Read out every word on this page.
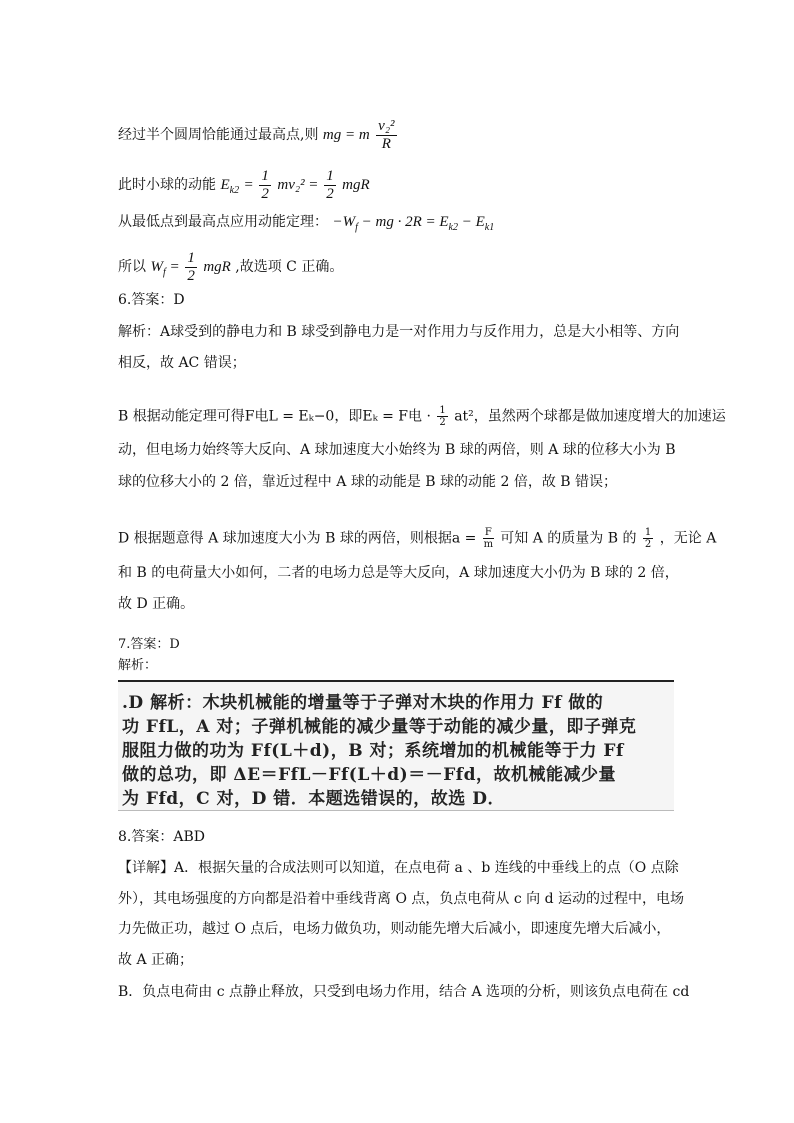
经过半个圆周恰能通过最高点,则 mg = m $\frac{\text{v₂²}}{R}$
此时小球的动能 $E_{k2} = \frac{1}{2} mv_2^2 = \frac{1}{2}$ mgR
从最低点到最高点应用动能定理： $-W_f$ − mg · $2R = E_{k2} - E_{k1}$
所以 $W_f = \frac{1}{2}$ mgR ,故选项 C 正确。
6.答案：D
解析：A球受到的静电力和 B 球受到静电力是一对作用力与反作用力，总是大小相等、方向
相反，故 AC 错误；
B 根据动能定理可得F电L = Eₖ−0，即Eₖ = F电 · $\frac{1}{2} at^2$，虽然两个球都是做加速度增大的加速运
动，但电场力始终等大反向、A 球加速度大小始终为 B 球的两倍，则 A 球的位移大小为 B
球的位移大小的 2 倍，靠近过程中 A 球的动能是 B 球的动能 2 倍，故 B 错误；
D 根据题意得 A 球加速度大小为 B 球的两倍，则根据$a = \frac{F}{m}$ 可知 A 的质量为 B 的 $\frac{1}{2}$ ，无论 A
和 B 的电荷量大小如何，二者的电场力总是等大反向，A 球加速度大小仍为 B 球的 2 倍，
故 D 正确。
7.答案：D
解析：
.D 解析：木块机械能的增量等于子弹对木块的作用力 Ff 做的
功 FfL，A 对；子弹机械能的减少量等于动能的减少量，即子弹克
服阻力做的功为 Ff(L＋d)，B 对；系统增加的机械能等于力 Ff
做的总功，即 ΔE＝FfL－Ff(L＋d)＝－Ffd，故机械能减少量
为 Ffd，C 对，D 错．本题选错误的，故选 D．
8.答案：ABD
【详解】A．根据矢量的合成法则可以知道，在点电荷 a 、b 连线的中垂线上的点（O 点除
外），其电场强度的方向都是沿着中垂线背离 O 点，负点电荷从 c 向 d 运动的过程中，电场
力先做正功，越过 O 点后，电场力做负功，则动能先增大后减小，即速度先增大后减小，
故 A 正确；
B．负点电荷由 c 点静止释放，只受到电场力作用，结合 A 选项的分析，则该负点电荷在 cd
